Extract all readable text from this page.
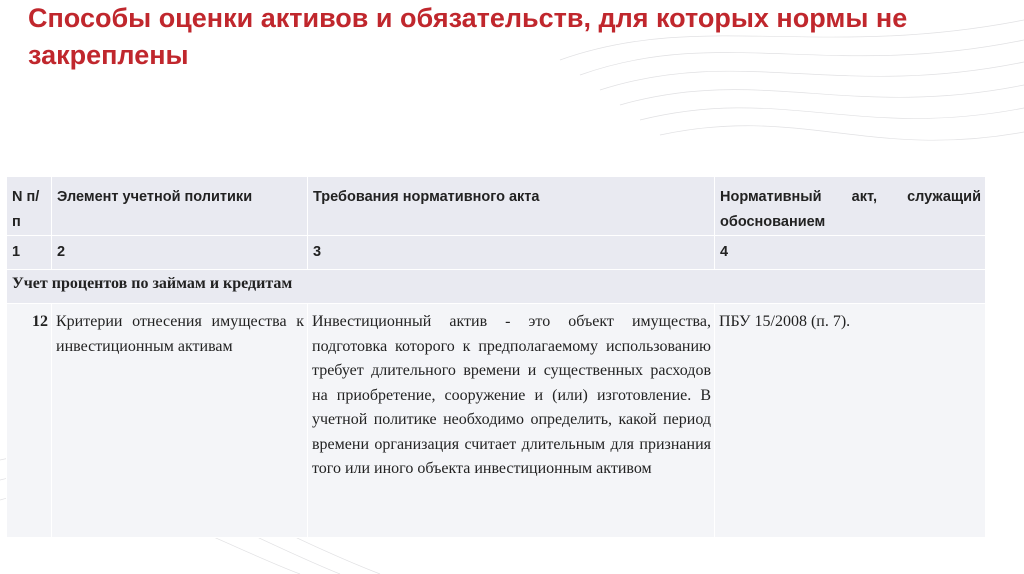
Способы оценки активов и обязательств, для которых нормы не закреплены
N п/п	Элемент учетной политики	Требования нормативного акта	Нормативный акт, служащий обоснованием

1	2	3	4

Учет процентов по займам и кредитам			

12	Критерии отнесения имущества к инвестиционным активам	Инвестиционный актив - это объект имущества, подготовка которого к предполагаемому использованию требует длительного времени и существенных расходов на приобретение, сооружение и (или) изготовление. В учетной политике необходимо определить, какой период времени организация считает длительным для признания того или иного объекта инвестиционным активом	ПБУ 15/2008 (п. 7).
